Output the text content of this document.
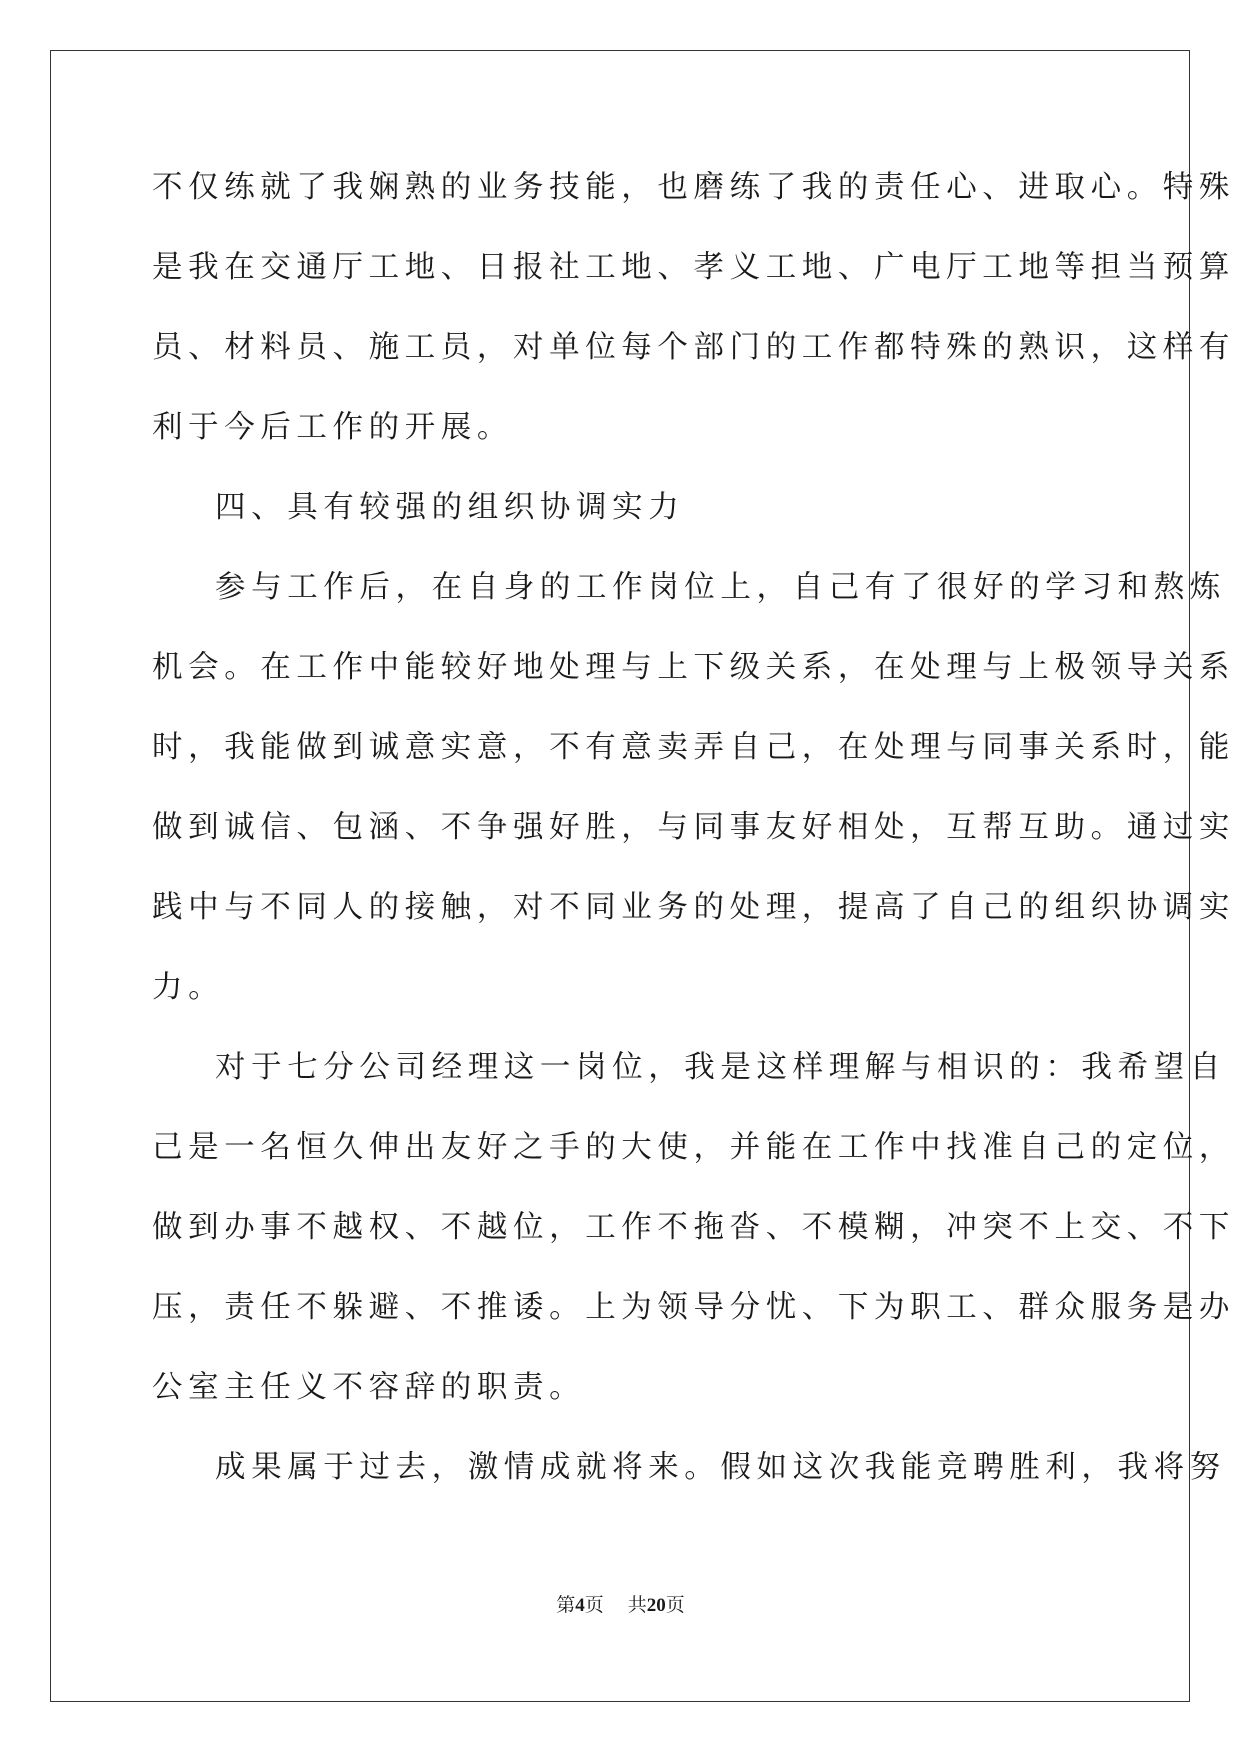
不仅练就了我娴熟的业务技能，也磨练了我的责任心、进取心。特殊
是我在交通厅工地、日报社工地、孝义工地、广电厅工地等担当预算
员、材料员、施工员，对单位每个部门的工作都特殊的熟识，这样有
利于今后工作的开展。
四、具有较强的组织协调实力
参与工作后，在自身的工作岗位上，自己有了很好的学习和熬炼
机会。在工作中能较好地处理与上下级关系，在处理与上极领导关系
时，我能做到诚意实意，不有意卖弄自己，在处理与同事关系时，能
做到诚信、包涵、不争强好胜，与同事友好相处，互帮互助。通过实
践中与不同人的接触，对不同业务的处理，提高了自己的组织协调实
力。
对于七分公司经理这一岗位，我是这样理解与相识的：我希望自
己是一名恒久伸出友好之手的大使，并能在工作中找准自己的定位，
做到办事不越权、不越位，工作不拖沓、不模糊，冲突不上交、不下
压，责任不躲避、不推诿。上为领导分忧、下为职工、群众服务是办
公室主任义不容辞的职责。
成果属于过去，激情成就将来。假如这次我能竞聘胜利，我将努
第4页 共20页
